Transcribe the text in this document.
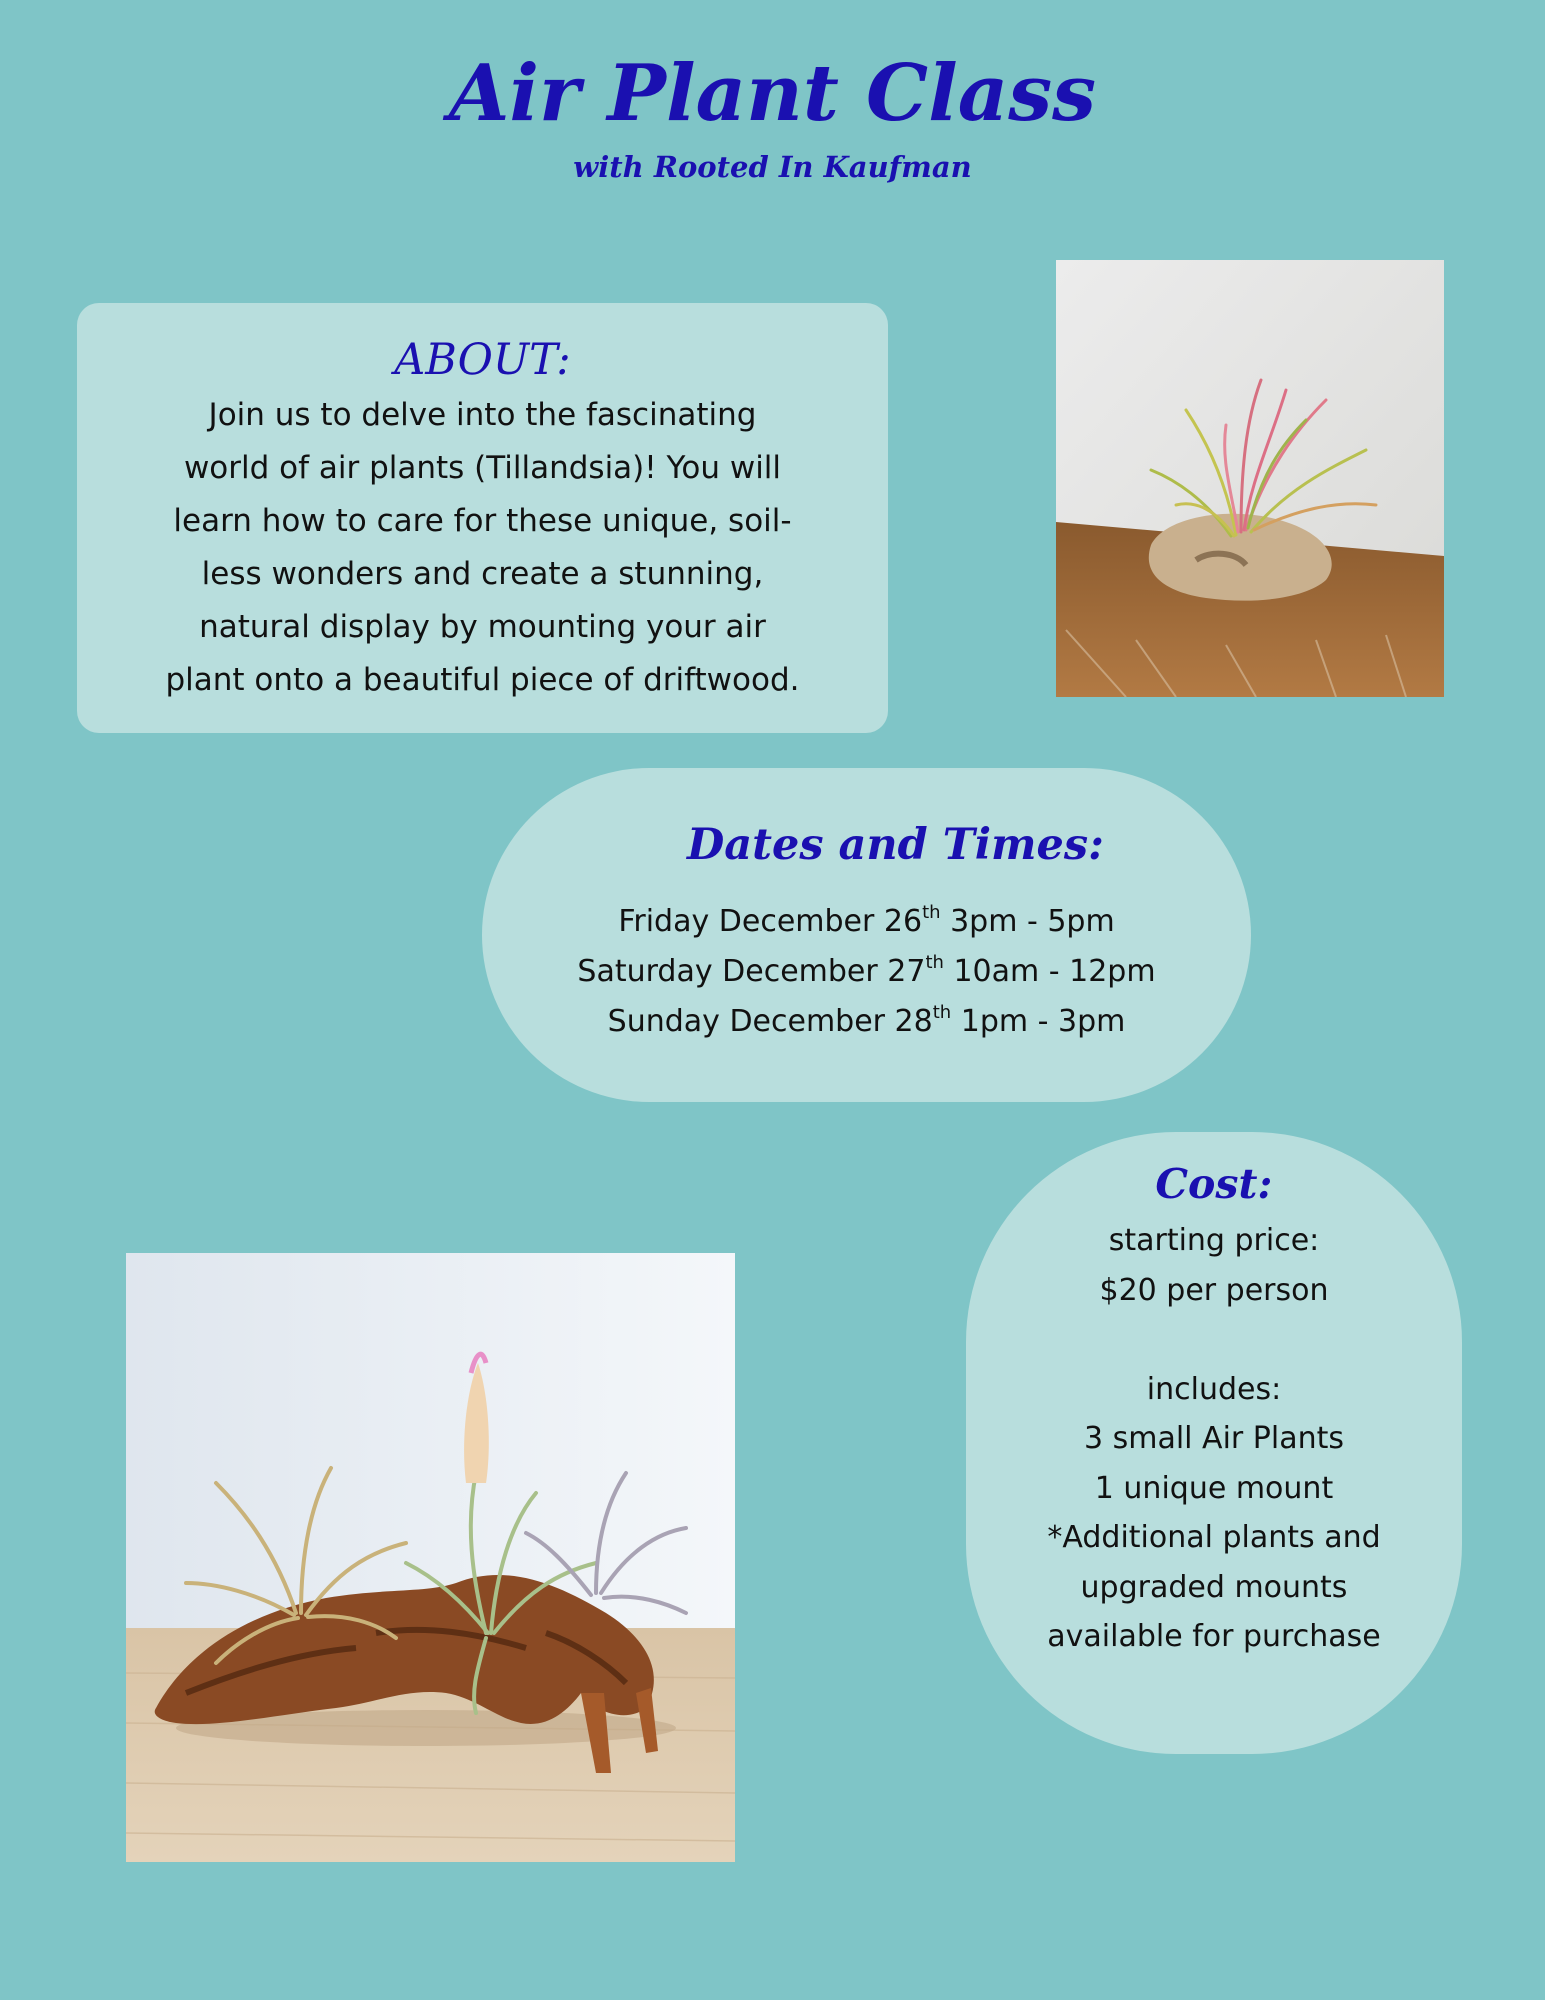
Air Plant Class
with Rooted In Kaufman
ABOUT:
Join us to delve into the fascinating
world of air plants (Tillandsia)! You will
learn how to care for these unique, soil-
less wonders and create a stunning,
natural display by mounting your air
plant onto a beautiful piece of driftwood.
Dates and Times:
Friday December 26th 3pm - 5pm
Saturday December 27th 10am - 12pm
Sunday December 28th 1pm - 3pm
Cost:
starting price:
$20 per person
includes:
3 small Air Plants
1 unique mount
*Additional plants and
upgraded mounts
available for purchase
